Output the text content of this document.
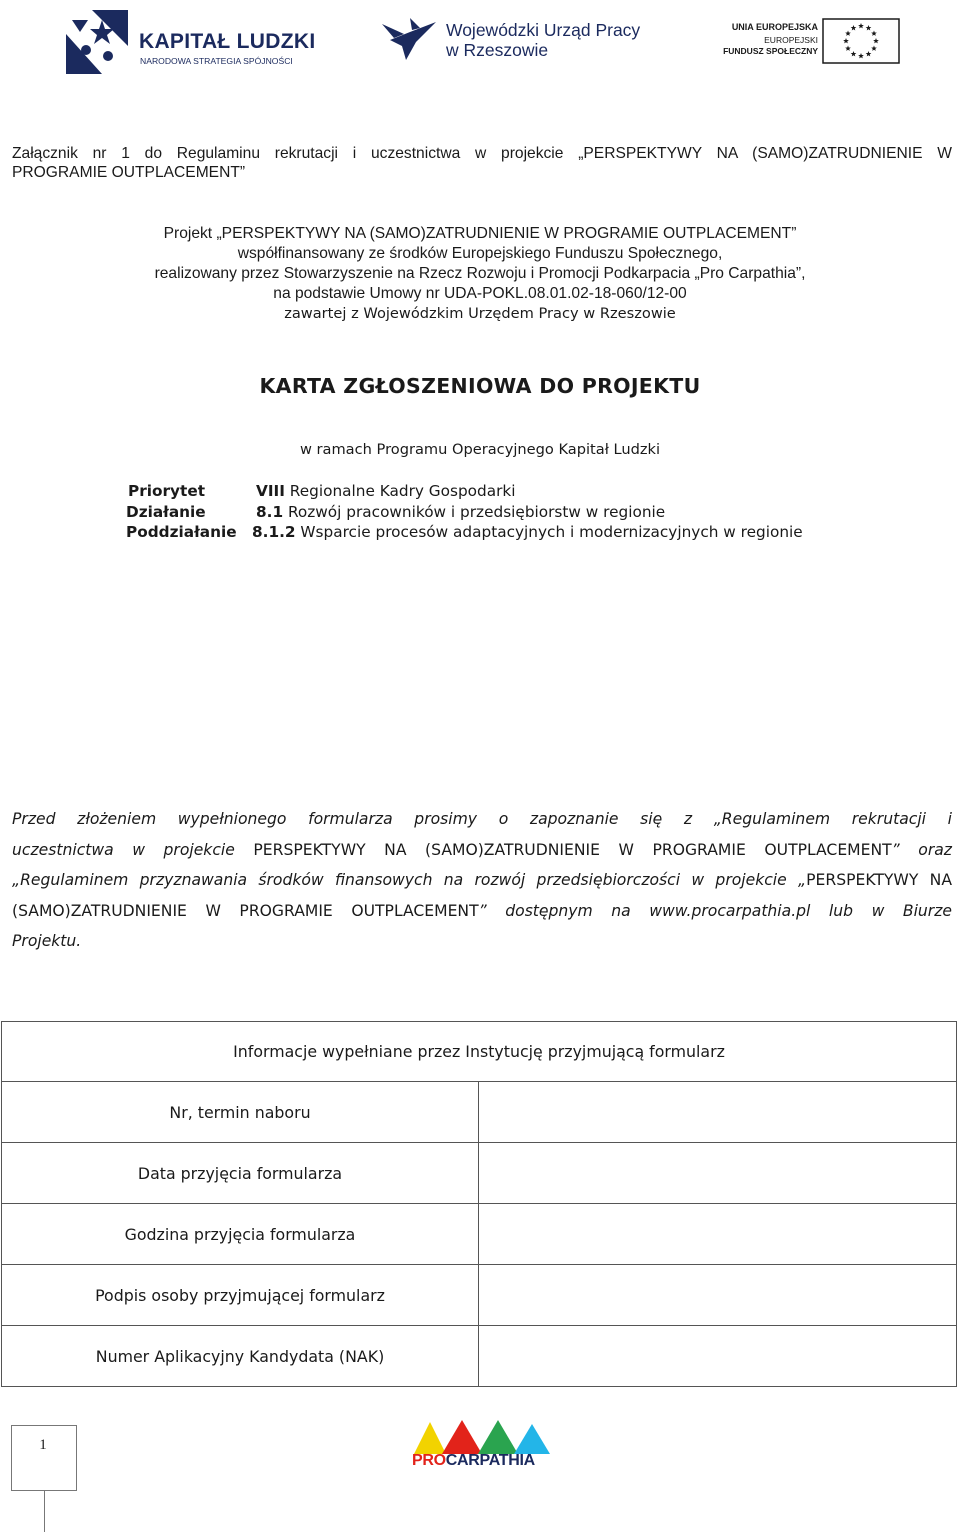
KAPITAŁ LUDZKI
NARODOWA STRATEGIA SPÓJNOŚCI
Wojewódzki Urząd Pracy
w Rzeszowie
UNIA EUROPEJSKA
EUROPEJSKI
FUNDUSZ SPOŁECZNY
Załącznik nr 1 do Regulaminu rekrutacji i uczestnictwa w projekcie „PERSPEKTYWY NA (SAMO)ZATRUDNIENIE W
PROGRAMIE OUTPLACEMENT”
Projekt „PERSPEKTYWY NA (SAMO)ZATRUDNIENIE W PROGRAMIE OUTPLACEMENT”
współfinansowany ze środków Europejskiego Funduszu Społecznego,
realizowany przez Stowarzyszenie na Rzecz Rozwoju i Promocji Podkarpacia „Pro Carpathia”,
na podstawie Umowy nr UDA-POKL.08.01.02-18-060/12-00
zawartej z Wojewódzkim Urzędem Pracy w Rzeszowie
KARTA ZGŁOSZENIOWA DO PROJEKTU
w ramach Programu Operacyjnego Kapitał Ludzki
Priorytet	VIII Regionalne Kadry Gospodarki
Działanie	8.1 Rozwój pracowników i przedsiębiorstw w regionie
Poddziałanie 8.1.2 Wsparcie procesów adaptacyjnych i modernizacyjnych w regionie
Przed złożeniem wypełnionego formularza prosimy o zapoznanie się z „Regulaminem rekrutacji i
uczestnictwa w projekcie PERSPEKTYWY NA (SAMO)ZATRUDNIENIE W PROGRAMIE OUTPLACEMENT” oraz
„Regulaminem przyznawania środków finansowych na rozwój przedsiębiorczości w projekcie „PERSPEKTYWY NA
(SAMO)ZATRUDNIENIE W PROGRAMIE OUTPLACEMENT” dostępnym na www.procarpathia.pl lub w Biurze
Projektu.
Informacje wypełniane przez Instytucję przyjmującą formularz	
Nr, termin naboru	
Data przyjęcia formularza	
Godzina przyjęcia formularza	
Podpis osoby przyjmującej formularz	
Numer Aplikacyjny Kandydata (NAK)	
1
PROCARPATHIA
